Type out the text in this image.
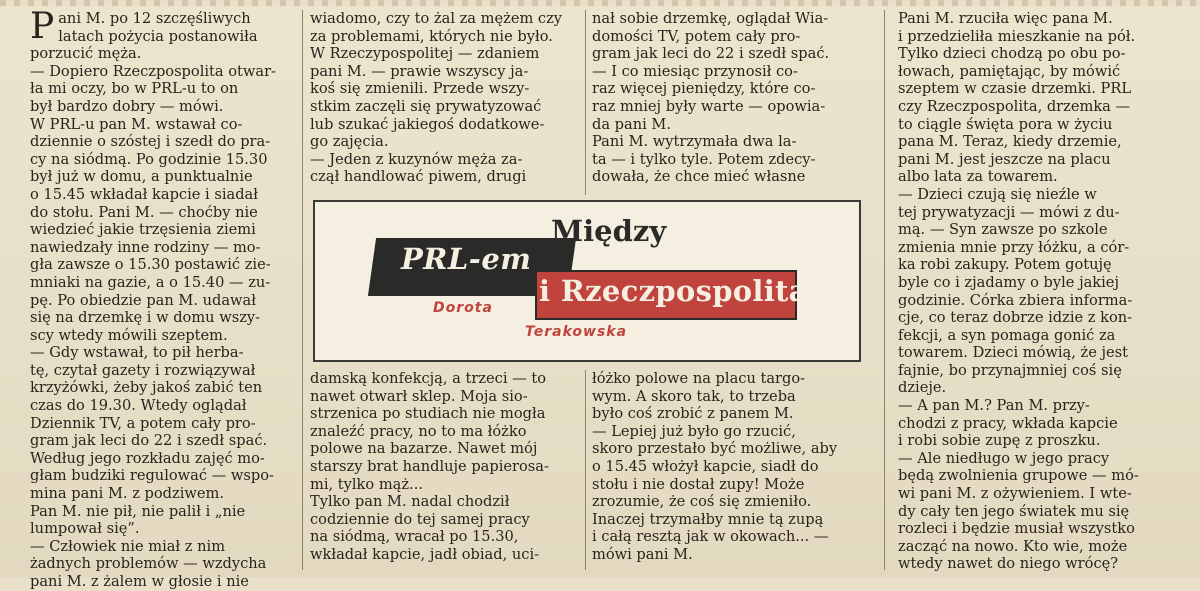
P ani M. po 12 szczęśliwych
latach pożycia postanowiła
porzucić męża.
— Dopiero Rzeczpospolita otwar-
ła mi oczy, bo w PRL-u to on
był bardzo dobry — mówi.
W PRL-u pan M. wstawał co-
dziennie o szóstej i szedł do pra-
cy na siódmą. Po godzinie 15.30
był już w domu, a punktualnie
o 15.45 wkładał kapcie i siadał
do stołu. Pani M. — choćby nie
wiedzieć jakie trzęsienia ziemi
nawiedzały inne rodziny — mo-
gła zawsze o 15.30 postawić zie-
mniaki na gazie, a o 15.40 — zu-
pę. Po obiedzie pan M. udawał
się na drzemkę i w domu wszy-
scy wtedy mówili szeptem.
— Gdy wstawał, to pił herba-
tę, czytał gazety i rozwiązywał
krzyżówki, żeby jakoś zabić ten
czas do 19.30. Wtedy oglądał
Dziennik TV, a potem cały pro-
gram jak leci do 22 i szedł spać.
Według jego rozkładu zajęć mo-
głam budziki regulować — wspo-
mina pani M. z podziwem.
Pan M. nie pił, nie palił i „nie
lumpował się”.
— Człowiek nie miał z nim
żadnych problemów — wzdycha
pani M. z żalem w głosie i nie

wiadomo, czy to żal za mężem czy
za problemami, których nie było.
W Rzeczypospolitej — zdaniem
pani M. — prawie wszyscy ja-
koś się zmienili. Przede wszy-
stkim zaczęli się prywatyzować
lub szukać jakiegoś dodatkowe-
go zajęcia.
— Jeden z kuzynów męża za-
czął handlować piwem, drugi

nał sobie drzemkę, oglądał Wia-
domości TV, potem cały pro-
gram jak leci do 22 i szedł spać.
— I co miesiąc przynosił co-
raz więcej pieniędzy, które co-
raz mniej były warte — opowia-
da pani M.
Pani M. wytrzymała dwa la-
ta — i tylko tyle. Potem zdecy-
dowała, że chce mieć własne

PRL-em
Między
i Rzeczpospolitą
Dorota
Terakowska

damską konfekcją, a trzeci — to
nawet otwarł sklep. Moja sio-
strzenica po studiach nie mogła
znaleźć pracy, no to ma łóżko
polowe na bazarze. Nawet mój
starszy brat handluje papierosa-
mi, tylko mąż...
Tylko pan M. nadal chodził
codziennie do tej samej pracy
na siódmą, wracał po 15.30,
wkładał kapcie, jadł obiad, uci-

łóżko polowe na placu targo-
wym. A skoro tak, to trzeba
było coś zrobić z panem M.
— Lepiej już było go rzucić,
skoro przestało być możliwe, aby
o 15.45 włożył kapcie, siadł do
stołu i nie dostał zupy! Może
zrozumie, że coś się zmieniło.
Inaczej trzymałby mnie tą zupą
i całą resztą jak w okowach... —
mówi pani M.

Pani M. rzuciła więc pana M.
i przedzieliła mieszkanie na pół.
Tylko dzieci chodzą po obu po-
łowach, pamiętając, by mówić
szeptem w czasie drzemki. PRL
czy Rzeczpospolita, drzemka —
to ciągle święta pora w życiu
pana M. Teraz, kiedy drzemie,
pani M. jest jeszcze na placu
albo lata za towarem.
— Dzieci czują się nieźle w
tej prywatyzacji — mówi z du-
mą. — Syn zawsze po szkole
zmienia mnie przy łóżku, a cór-
ka robi zakupy. Potem gotuję
byle co i zjadamy o byle jakiej
godzinie. Córka zbiera informa-
cje, co teraz dobrze idzie z kon-
fekcji, a syn pomaga gonić za
towarem. Dzieci mówią, że jest
fajnie, bo przynajmniej coś się
dzieje.
— A pan M.? Pan M. przy-
chodzi z pracy, wkłada kapcie
i robi sobie zupę z proszku.
— Ale niedługo w jego pracy
będą zwolnienia grupowe — mó-
wi pani M. z ożywieniem. I wte-
dy cały ten jego światek mu się
rozleci i będzie musiał wszystko
zacząć na nowo. Kto wie, może
wtedy nawet do niego wrócę?
